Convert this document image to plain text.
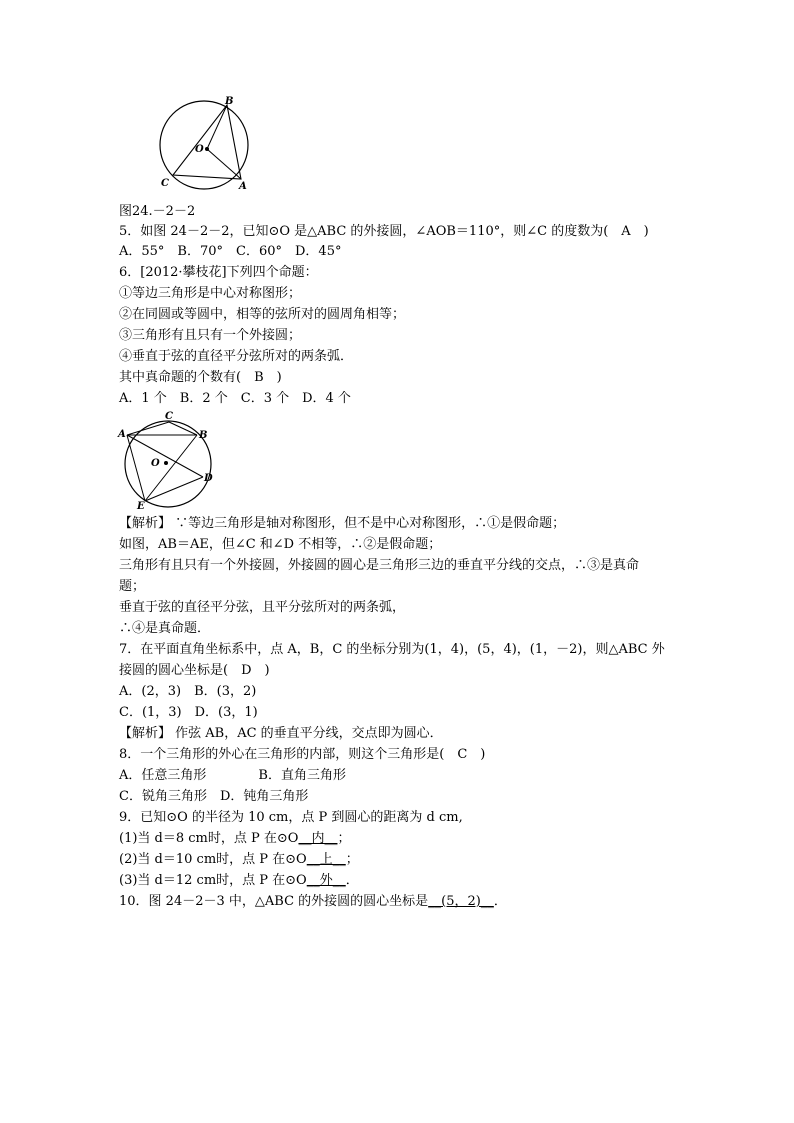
B
O
C	A
图24.－2－2
5．如图 24－2－2，已知⊙O 是△ABC 的外接圆，∠AOB＝110°，则∠C 的度数为(　A　)
A．55°　B．70°　C．60°　D．45°
6．[2012·攀枝花]下列四个命题：
①等边三角形是中心对称图形；
②在同圆或等圆中，相等的弦所对的圆周角相等；
③三角形有且只有一个外接圆；
④垂直于弦的直径平分弦所对的两条弧．
其中真命题的个数有(　B　)
A．1 个　B．2 个　C．3 个　D．4 个
C
A	B
O
D
E
【解析】 ∵等边三角形是轴对称图形，但不是中心对称图形，∴①是假命题；
如图，AB＝AE，但∠C 和∠D 不相等，∴②是假命题；
三角形有且只有一个外接圆，外接圆的圆心是三角形三边的垂直平分线的交点，∴③是真命
题；
垂直于弦的直径平分弦，且平分弦所对的两条弧，
∴④是真命题．
7．在平面直角坐标系中，点 A，B，C 的坐标分别为(1，4)，(5，4)，(1，－2)，则△ABC 外
接圆的圆心坐标是(　D　)
A．(2，3)　B．(3，2)
C．(1，3)　D．(3，1)
【解析】 作弦 AB，AC 的垂直平分线，交点即为圆心．
8．一个三角形的外心在三角形的内部，则这个三角形是(　C　)
A．任意三角形　　　　B．直角三角形
C．锐角三角形　D．钝角三角形
9．已知⊙O 的半径为 10 cm，点 P 到圆心的距离为 d cm,
(1)当 d＝8 cm时，点 P 在⊙O__内__；
(2)当 d＝10 cm时，点 P 在⊙O__上__；
(3)当 d＝12 cm时，点 P 在⊙O__外__．
10．图 24－2－3 中，△ABC 的外接圆的圆心坐标是__(5，2)__．
